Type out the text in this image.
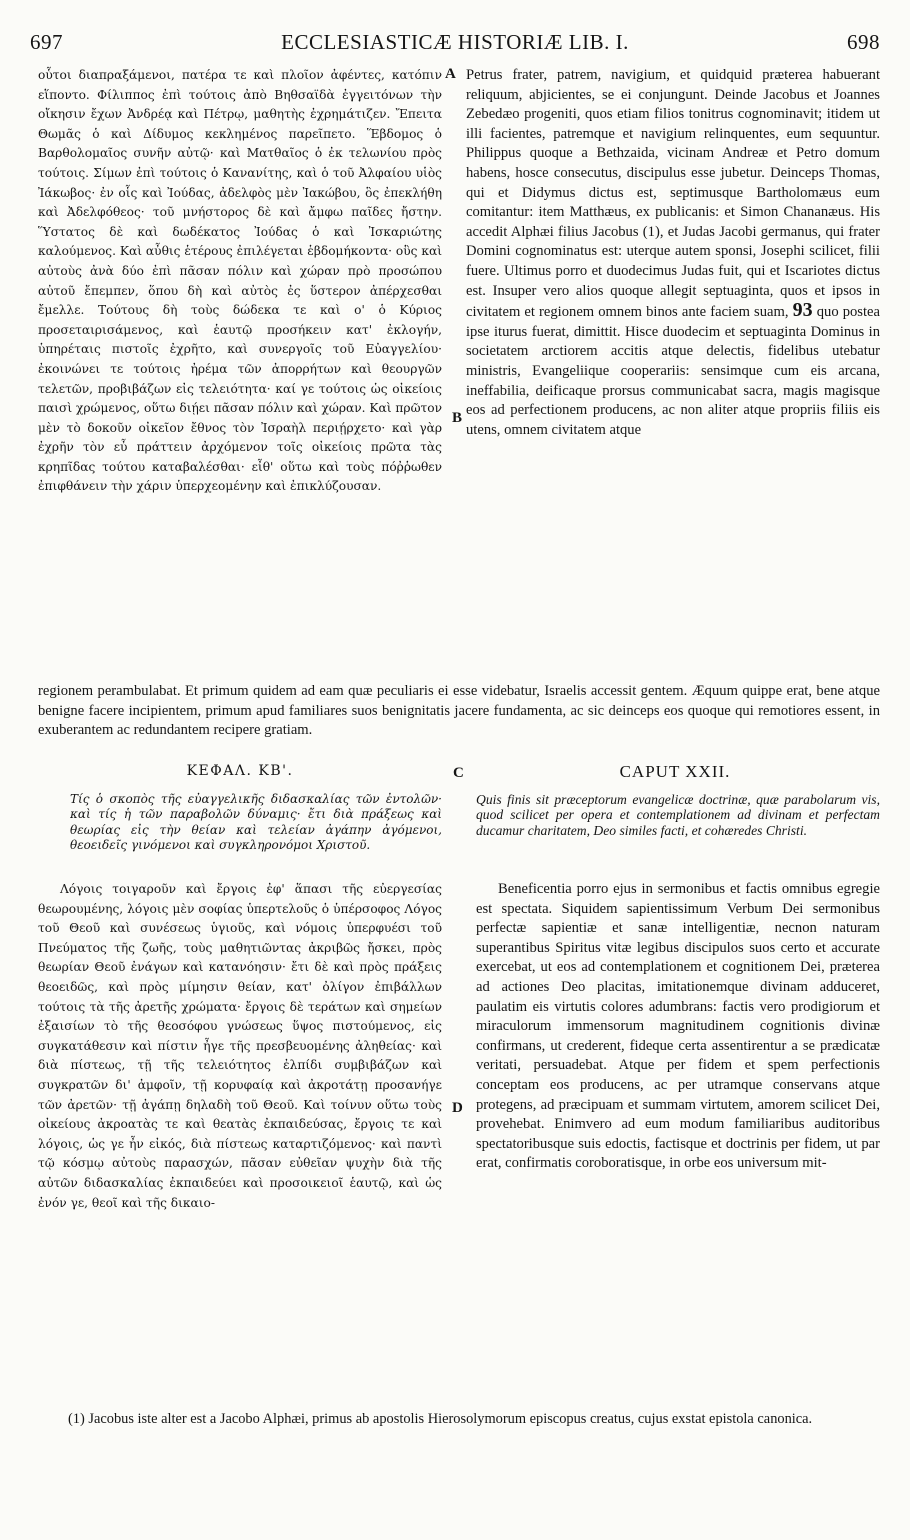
697	ECCLESIASTICÆ HISTORIÆ LIB. I.	698

οὗτοι διαπραξάμενοι, πατέρα τε καὶ πλοῖον ἀφέντες, κατόπιν εἵποντο. Φίλιππος ἐπὶ τούτοις ἀπὸ Βηθσαϊδὰ ἐγγειτόνων τὴν οἴκησιν ἔχων Ἀνδρέᾳ καὶ Πέτρῳ, μαθητὴς ἐχρημάτιζεν. Ἔπειτα Θωμᾶς ὁ καὶ Δίδυμος κεκλημένος παρεῖπετο. Ἕβδομος ὁ Βαρθολομαῖος συνῆν αὐτῷ· καὶ Ματθαῖος ὁ ἐκ τελωνίου πρὸς τούτοις. Σίμων ἐπὶ τούτοις ὁ Κανανίτης, καὶ ὁ τοῦ Ἀλφαίου υἱὸς Ἰάκωβος· ἐν οἷς καὶ Ἰούδας, ἀδελφὸς μὲν Ἰακώβου, ὃς ἐπεκλήθη καὶ Ἀδελφόθεος· τοῦ μνήστορος δὲ καὶ ἄμφω παῖδες ἤστην. Ὕστατος δὲ καὶ δωδέκατος Ἰούδας ὁ καὶ Ἰσκαριώτης καλούμενος. Καὶ αὖθις ἑτέρους ἐπιλέγεται ἑβδομήκοντα· οὓς καὶ αὐτοὺς ἀνὰ δύο ἐπὶ πᾶσαν πόλιν καὶ χώραν πρὸ προσώπου αὐτοῦ ἔπεμπεν, ὅπου δὴ καὶ αὐτὸς ἐς ὕστερον ἀπέρχεσθαι ἔμελλε. Τούτους δὴ τοὺς δώδεκα τε καὶ ο' ὁ Κύριος προσεταιρισάμενος, καὶ ἑαυτῷ προσήκειν κατ' ἐκλογήν, ὑπηρέταις πιστοῖς ἐχρῆτο, καὶ συνεργοῖς τοῦ Εὐαγγελίου· ἐκοινώνει τε τούτοις ἠρέμα τῶν ἀπορρήτων καὶ θεουργῶν τελετῶν, προβιβάζων εἰς τελειότητα· καί γε τούτοις ὡς οἰκείοις παισὶ χρώμενος, οὕτω διῄει πᾶσαν πόλιν καὶ χώραν. Καὶ πρῶτον μὲν τὸ δοκοῦν οἰκεῖον ἔθνος τὸν Ἰσραὴλ περιῄρχετο· καὶ γὰρ ἐχρῆν τὸν εὖ πράττειν ἀρχόμενον τοῖς οἰκείοις πρῶτα τὰς κρηπῖδας τούτου καταβαλέσθαι· εἶθ' οὕτω καὶ τοὺς πόῤῥωθεν ἐπιφθάνειν τὴν χάριν ὑπερχεομένην καὶ ἐπικλύζουσαν.

A
B

Petrus frater, patrem, navigium, et quidquid præterea habuerant reliquum, abjicientes, se ei conjungunt. Deinde Jacobus et Joannes Zebedæo progeniti, quos etiam filios tonitrus cognominavit; itidem ut illi facientes, patremque et navigium relinquentes, eum sequuntur. Philippus quoque a Bethzaida, vicinam Andreæ et Petro domum habens, hosce consecutus, discipulus esse jubetur. Deinceps Thomas, qui et Didymus dictus est, septimusque Bartholomæus eum comitantur: item Matthæus, ex publicanis: et Simon Chananæus. His accedit Alphæi filius Jacobus (1), et Judas Jacobi germanus, qui frater Domini cognominatus est: uterque autem sponsi, Josephi scilicet, filii fuere. Ultimus porro et duodecimus Judas fuit, qui et Iscariotes dictus est. Insuper vero alios quoque allegit septuaginta, quos et ipsos in civitatem et regionem omnem binos ante faciem suam, 93 quo postea ipse iturus fuerat, dimittit. Hisce duodecim et septuaginta Dominus in societatem arctiorem accitis atque delectis, fidelibus utebatur ministris, Evangeliique cooperariis: sensimque cum eis arcana, ineffabilia, deificaque prorsus communicabat sacra, magis magisque eos ad perfectionem producens, ac non aliter atque propriis filiis eis utens, omnem civitatem atque

regionem perambulabat. Et primum quidem ad eam quæ peculiaris ei esse videbatur, Israelis accessit gentem. Æquum quippe erat, bene atque benigne facere incipientem, primum apud familiares suos benignitatis jacere fundamenta, ac sic deinceps eos quoque qui remotiores essent, in exuberantem ac redundantem recipere gratiam.

ΚΕΦΑΛ. ΚΒ'.	C	CAPUT XXII.
Τίς ὁ σκοπὸς τῆς εὐαγγελικῆς διδασκαλίας τῶν ἐντολῶν· καὶ τίς ἡ τῶν παραβολῶν δύναμις· ἔτι διὰ πράξεως καὶ θεωρίας εἰς τὴν θείαν καὶ τελείαν ἀγάπην ἀγόμενοι, θεοειδεῖς γινόμενοι καὶ συγκληρονόμοι Χριστοῦ.
Quis finis sit præceptorum evangelicæ doctrinæ, quæ parabolarum vis, quod scilicet per opera et contemplationem ad divinam et perfectam ducamur charitatem, Deo similes facti, et cohæredes Christi.

Λόγοις τοιγαροῦν καὶ ἔργοις ἐφ' ἅπασι τῆς εὐεργεσίας θεωρουμένης, λόγοις μὲν σοφίας ὑπερτελοῦς ὁ ὑπέρσοφος Λόγος τοῦ Θεοῦ καὶ συνέσεως ὑγιοῦς, καὶ νόμοις ὑπερφυέσι τοῦ Πνεύματος τῆς ζωῆς, τοὺς μαθητιῶντας ἀκριβῶς ἤσκει, πρὸς θεωρίαν Θεοῦ ἐνάγων καὶ κατανόησιν· ἔτι δὲ καὶ πρὸς πράξεις θεοειδῶς, καὶ πρὸς μίμησιν θείαν, κατ' ὀλίγον ἐπιβάλλων τούτοις τὰ τῆς ἀρετῆς χρώματα· ἔργοις δὲ τεράτων καὶ σημείων ἐξαισίων τὸ τῆς θεοσόφου γνώσεως ὕψος πιστούμενος, εἰς συγκατάθεσιν καὶ πίστιν ἦγε τῆς πρεσβευομένης ἀληθείας· καὶ διὰ πίστεως, τῇ τῆς τελειότητος ἐλπίδι συμβιβάζων καὶ συγκρατῶν δι' ἀμφοῖν, τῇ κορυφαίᾳ καὶ ἀκροτάτῃ προσανήγε τῶν ἀρετῶν· τῇ ἀγάπῃ δηλαδὴ τοῦ Θεοῦ. Καὶ τοίνυν οὕτω τοὺς οἰκείους ἀκροατὰς τε καὶ θεατὰς ἐκπαιδεύσας, ἔργοις τε καὶ λόγοις, ὡς γε ἦν εἰκός, διὰ πίστεως καταρτιζόμενος· καὶ παντὶ τῷ κόσμῳ αὐτοὺς παρασχών, πᾶσαν εὐθεῖαν ψυχὴν διὰ τῆς αὐτῶν διδασκαλίας ἐκπαιδεύει καὶ προσοικειοῖ ἑαυτῷ, καὶ ὡς ἐνόν γε, θεοῖ καὶ τῆς δικαιο-

D

Beneficentia porro ejus in sermonibus et factis omnibus egregie est spectata. Siquidem sapientissimum Verbum Dei sermonibus perfectæ sapientiæ et sanæ intelligentiæ, necnon naturam superantibus Spiritus vitæ legibus discipulos suos certo et accurate exercebat, ut eos ad contemplationem et cognitionem Dei, præterea ad actiones Deo placitas, imitationemque divinam adduceret, paulatim eis virtutis colores adumbrans: factis vero prodigiorum et miraculorum immensorum magnitudinem cognitionis divinæ confirmans, ut crederent, fideque certa assentirentur a se prædicatæ veritati, persuadebat. Atque per fidem et spem perfectionis conceptam eos producens, ac per utramque conservans atque protegens, ad præcipuam et summam virtutem, amorem scilicet Dei, provehebat. Enimvero ad eum modum familiaribus auditoribus spectatoribusque suis edoctis, factisque et doctrinis per fidem, ut par erat, confirmatis coroboratisque, in orbe eos universum mit-

(1) Jacobus iste alter est a Jacobo Alphæi, primus ab apostolis Hierosolymorum episcopus creatus, cujus exstat epistola canonica.
